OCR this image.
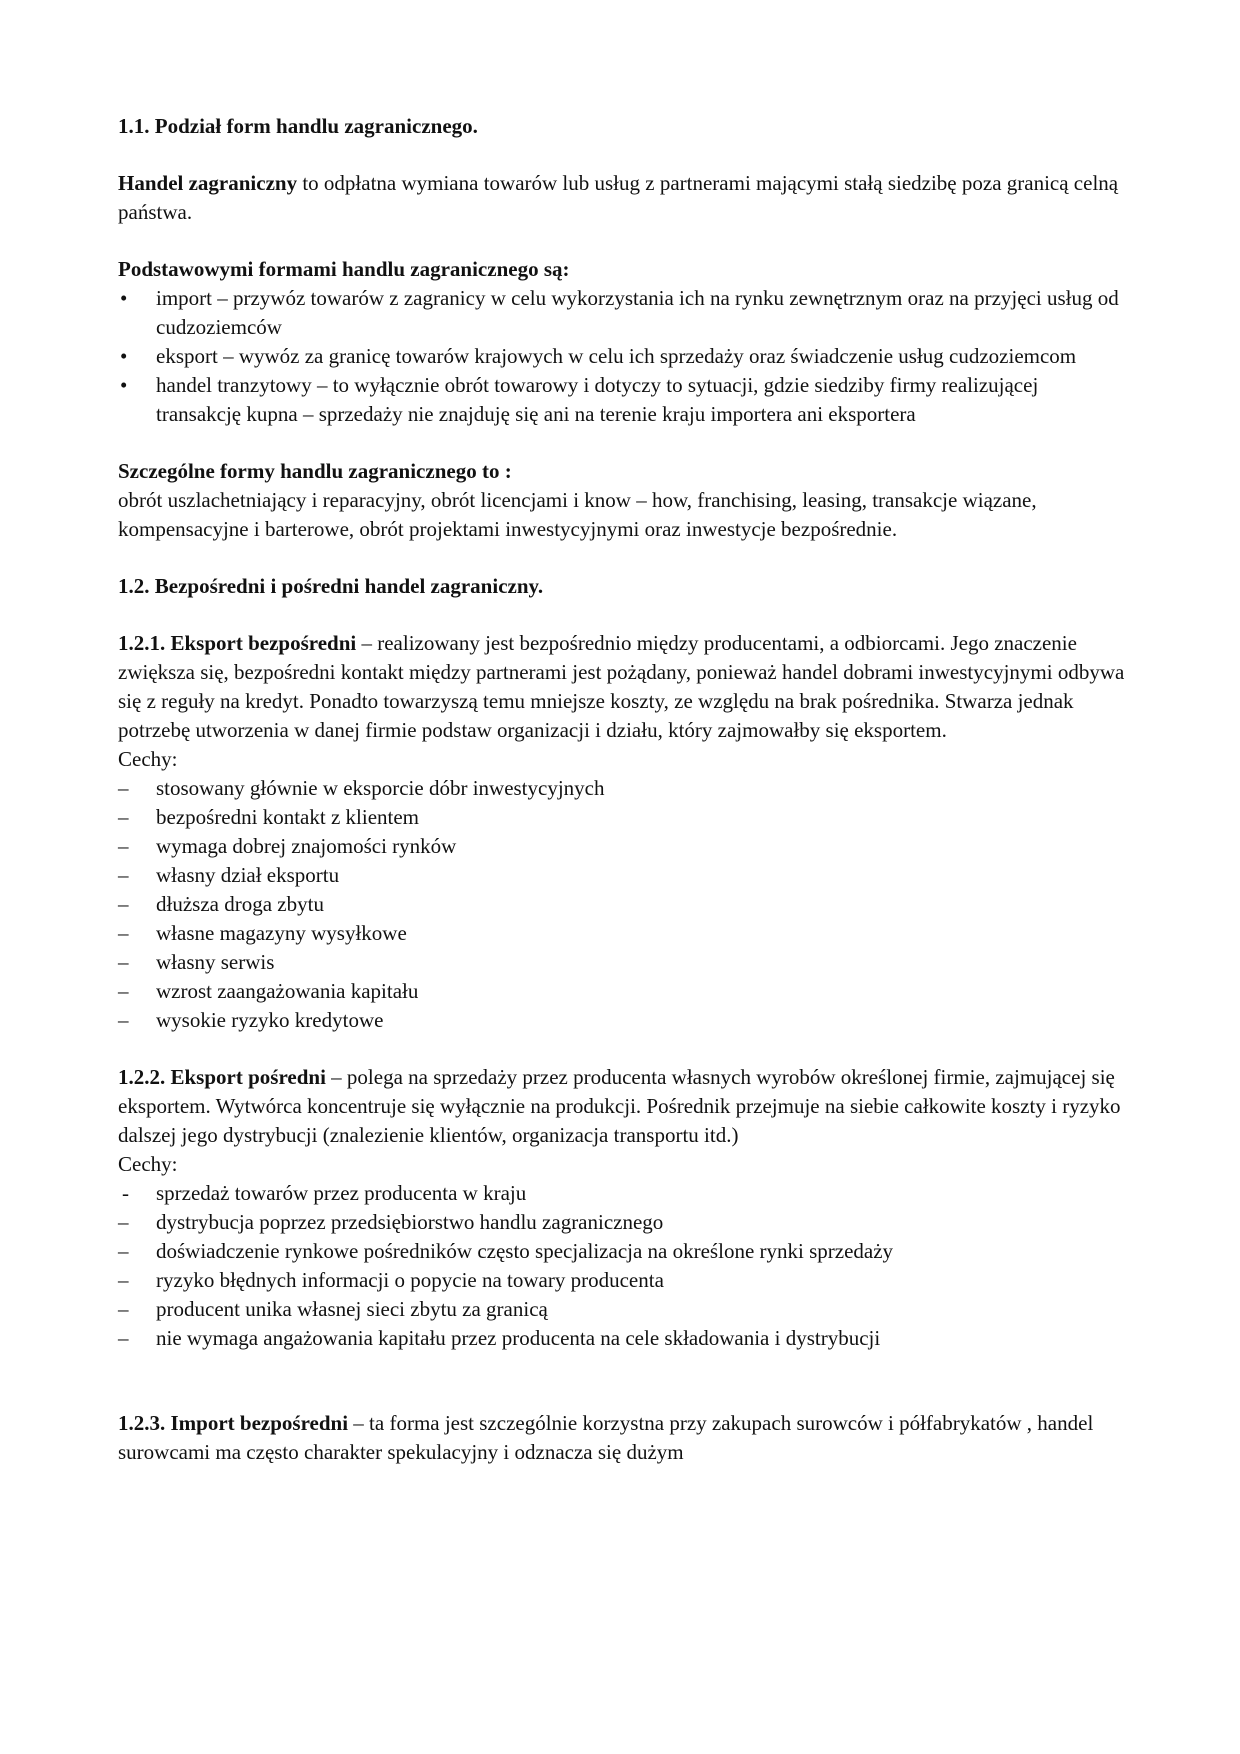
1.1. Podział form handlu zagranicznego.

Handel zagraniczny to odpłatna wymiana towarów lub usług z partnerami mającymi stałą siedzibę poza granicą celną państwa.

Podstawowymi formami handlu zagranicznego są:

• import – przywóz towarów z zagranicy w celu wykorzystania ich na rynku zewnętrznym oraz na przyjęci usług od cudzoziemców
• eksport – wywóz za granicę towarów krajowych w celu ich sprzedaży oraz świadczenie usług cudzoziemcom
• handel tranzytowy – to wyłącznie obrót towarowy i dotyczy to sytuacji, gdzie siedziby firmy realizującej transakcję kupna – sprzedaży nie znajduję się ani na terenie kraju importera ani eksportera

Szczególne formy handlu zagranicznego to :

obrót uszlachetniający i reparacyjny, obrót licencjami i know – how, franchising, leasing, transakcje wiązane, kompensacyjne i barterowe, obrót projektami inwestycyjnymi oraz inwestycje bezpośrednie.

1.2. Bezpośredni i pośredni handel zagraniczny.

1.2.1. Eksport bezpośredni – realizowany jest bezpośrednio między producentami, a odbiorcami. Jego znaczenie zwiększa się, bezpośredni kontakt między partnerami jest pożądany, ponieważ handel dobrami inwestycyjnymi odbywa się z reguły na kredyt. Ponadto towarzyszą temu mniejsze koszty, ze względu na brak pośrednika. Stwarza jednak potrzebę utworzenia w danej firmie podstaw organizacji i działu, który zajmowałby się eksportem.

Cechy:

– stosowany głównie w eksporcie dóbr inwestycyjnych
– bezpośredni kontakt z klientem
– wymaga dobrej znajomości rynków
– własny dział eksportu
– dłuższa droga zbytu
– własne magazyny wysyłkowe
– własny serwis
– wzrost zaangażowania kapitału
– wysokie ryzyko kredytowe

1.2.2. Eksport pośredni – polega na sprzedaży przez producenta własnych wyrobów określonej firmie, zajmującej się eksportem. Wytwórca koncentruje się wyłącznie na produkcji. Pośrednik przejmuje na siebie całkowite koszty i ryzyko dalszej jego dystrybucji (znalezienie klientów, organizacja transportu itd.)

Cechy:

- sprzedaż towarów przez producenta w kraju
– dystrybucja poprzez przedsiębiorstwo handlu zagranicznego
– doświadczenie rynkowe pośredników często specjalizacja na określone rynki sprzedaży
– ryzyko błędnych informacji o popycie na towary producenta
– producent unika własnej sieci zbytu za granicą
– nie wymaga angażowania kapitału przez producenta na cele składowania i dystrybucji

1.2.3. Import bezpośredni – ta forma jest szczególnie korzystna przy zakupach surowców i półfabrykatów , handel surowcami ma często charakter spekulacyjny i odznacza się dużym
